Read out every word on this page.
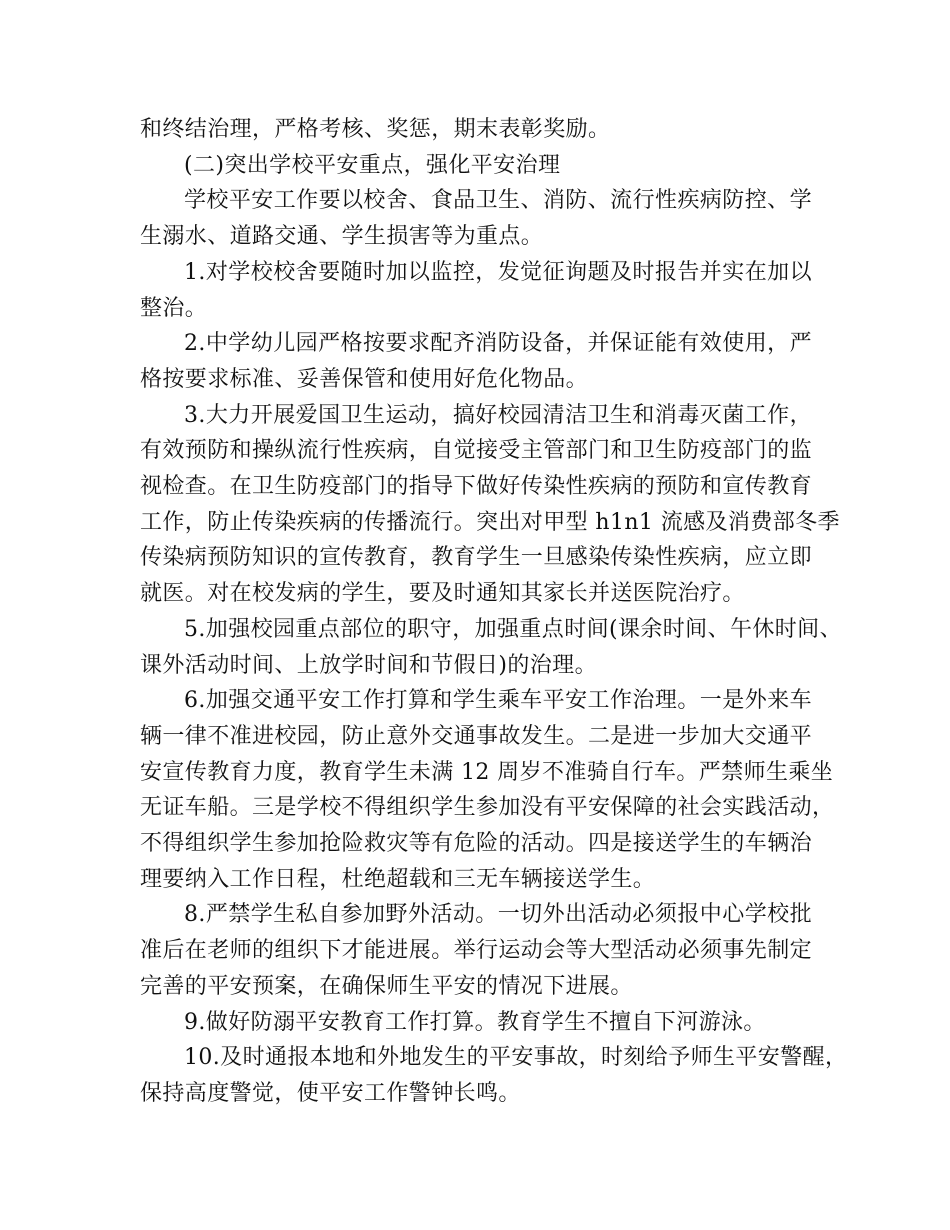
和终结治理，严格考核、奖惩，期末表彰奖励。
(二)突出学校平安重点，强化平安治理
学校平安工作要以校舍、食品卫生、消防、流行性疾病防控、学
生溺水、道路交通、学生损害等为重点。
1.对学校校舍要随时加以监控，发觉征询题及时报告并实在加以
整治。
2.中学幼儿园严格按要求配齐消防设备，并保证能有效使用，严
格按要求标准、妥善保管和使用好危化物品。
3.大力开展爱国卫生运动，搞好校园清洁卫生和消毒灭菌工作，
有效预防和操纵流行性疾病，自觉接受主管部门和卫生防疫部门的监
视检查。在卫生防疫部门的指导下做好传染性疾病的预防和宣传教育
工作，防止传染疾病的传播流行。突出对甲型 h1n1 流感及消费部冬季
传染病预防知识的宣传教育，教育学生一旦感染传染性疾病，应立即
就医。对在校发病的学生，要及时通知其家长并送医院治疗。
5.加强校园重点部位的职守，加强重点时间(课余时间、午休时间、
课外活动时间、上放学时间和节假日)的治理。
6.加强交通平安工作打算和学生乘车平安工作治理。一是外来车
辆一律不准进校园，防止意外交通事故发生。二是进一步加大交通平
安宣传教育力度，教育学生未满 12 周岁不准骑自行车。严禁师生乘坐
无证车船。三是学校不得组织学生参加没有平安保障的社会实践活动，
不得组织学生参加抢险救灾等有危险的活动。四是接送学生的车辆治
理要纳入工作日程，杜绝超载和三无车辆接送学生。
8.严禁学生私自参加野外活动。一切外出活动必须报中心学校批
准后在老师的组织下才能进展。举行运动会等大型活动必须事先制定
完善的平安预案，在确保师生平安的情况下进展。
9.做好防溺平安教育工作打算。教育学生不擅自下河游泳。
10.及时通报本地和外地发生的平安事故，时刻给予师生平安警醒，
保持高度警觉，使平安工作警钟长鸣。
